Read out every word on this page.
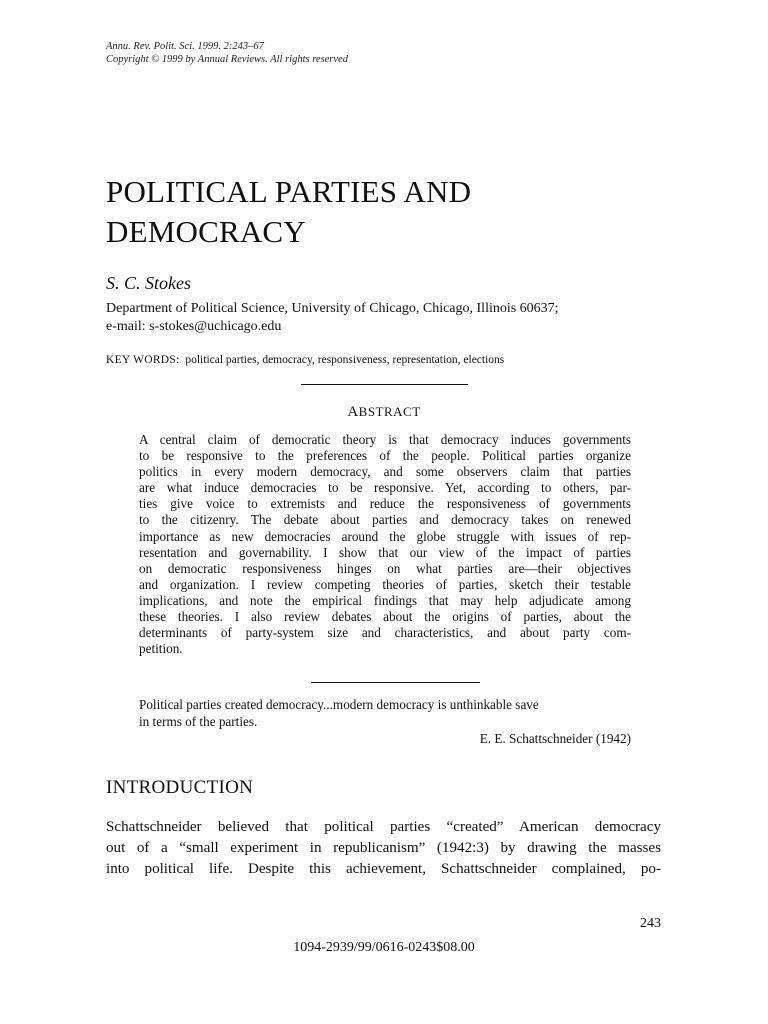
Annu. Rev. Polit. Sci. 1999. 2:243–67
Copyright © 1999 by Annual Reviews. All rights reserved
POLITICAL PARTIES AND
DEMOCRACY
S. C. Stokes
Department of Political Science, University of Chicago, Chicago, Illinois 60637;
e-mail: s-stokes@uchicago.edu
KEY WORDS: political parties, democracy, responsiveness, representation, elections
ABSTRACT
A central claim of democratic theory is that democracy induces governments
to be responsive to the preferences of the people. Political parties organize
politics in every modern democracy, and some observers claim that parties
are what induce democracies to be responsive. Yet, according to others, par-
ties give voice to extremists and reduce the responsiveness of governments
to the citizenry. The debate about parties and democracy takes on renewed
importance as new democracies around the globe struggle with issues of rep-
resentation and governability. I show that our view of the impact of parties
on democratic responsiveness hinges on what parties are—their objectives
and organization. I review competing theories of parties, sketch their testable
implications, and note the empirical findings that may help adjudicate among
these theories. I also review debates about the origins of parties, about the
determinants of party-system size and characteristics, and about party com-
petition.
Political parties created democracy...modern democracy is unthinkable save
in terms of the parties.
E. E. Schattschneider (1942)
INTRODUCTION
Schattschneider believed that political parties “created” American democracy
out of a “small experiment in republicanism” (1942:3) by drawing the masses
into political life. Despite this achievement, Schattschneider complained, po-
243
1094-2939/99/0616-0243$08.00
